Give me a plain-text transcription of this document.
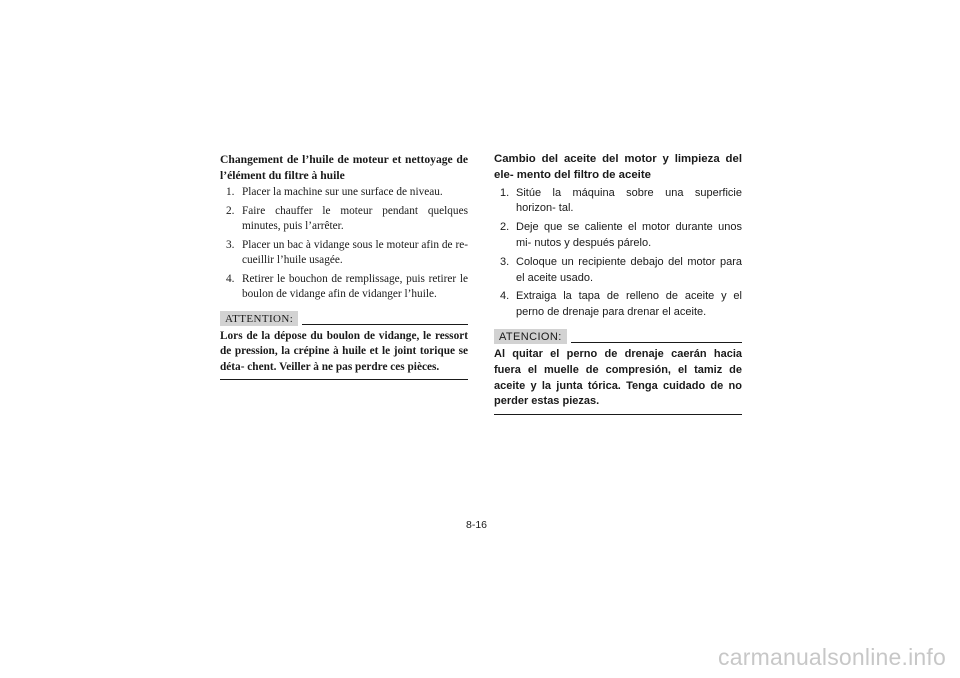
Changement de l’huile de moteur et nettoyage de l’élément du filtre à huile

1. Placer la machine sur une surface de niveau.
2. Faire chauffer le moteur pendant quelques minutes, puis l’arrêter.
3. Placer un bac à vidange sous le moteur afin de re- cueillir l’huile usagée.
4. Retirer le bouchon de remplissage, puis retirer le boulon de vidange afin de vidanger l’huile.
ATTENTION:

Lors de la dépose du boulon de vidange, le ressort de pression, la crépine à huile et le joint torique se déta- chent. Veiller à ne pas perdre ces pièces.

Cambio del aceite del motor y limpieza del ele- mento del filtro de aceite

1. Sitúe la máquina sobre una superficie horizon- tal.
2. Deje que se caliente el motor durante unos mi- nutos y después párelo.
3. Coloque un recipiente debajo del motor para el aceite usado.
4. Extraiga la tapa de relleno de aceite y el perno de drenaje para drenar el aceite.
ATENCION:

Al quitar el perno de drenaje caerán hacia fuera el muelle de compresión, el tamiz de aceite y la junta tórica. Tenga cuidado de no perder estas piezas.

8-16
carmanualsonline.info
